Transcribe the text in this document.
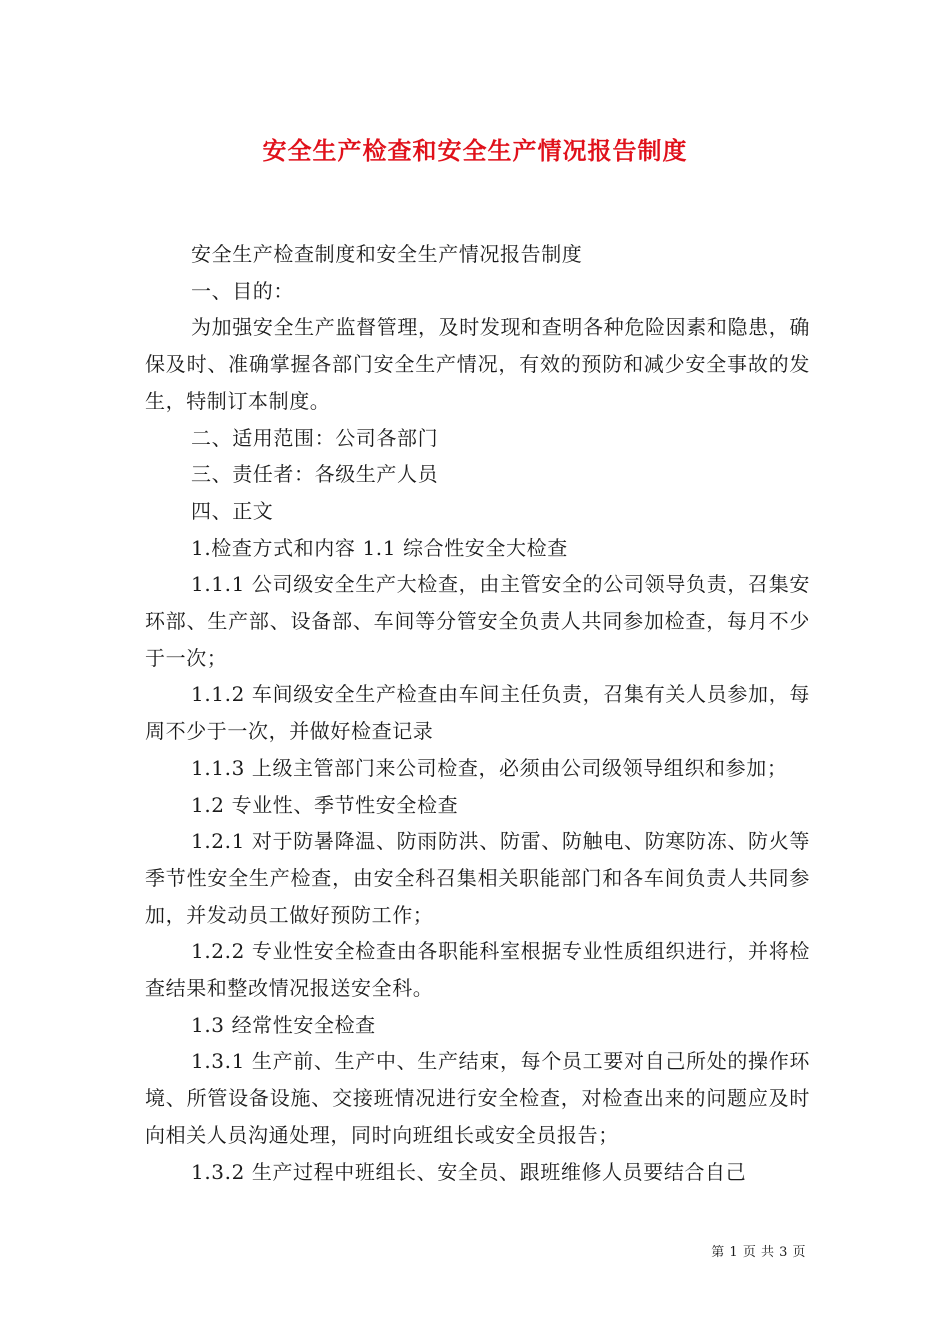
安全生产检查和安全生产情况报告制度

安全生产检查制度和安全生产情况报告制度

一、目的：

为加强安全生产监督管理，及时发现和查明各种危险因素和隐患，确保及时、准确掌握各部门安全生产情况，有效的预防和减少安全事故的发生，特制订本制度。

二、适用范围：公司各部门

三、责任者：各级生产人员

四、正文

1.检查方式和内容 1.1 综合性安全大检查

1.1.1 公司级安全生产大检查，由主管安全的公司领导负责，召集安环部、生产部、设备部、车间等分管安全负责人共同参加检查，每月不少于一次；

1.1.2 车间级安全生产检查由车间主任负责，召集有关人员参加，每周不少于一次，并做好检查记录

1.1.3 上级主管部门来公司检查，必须由公司级领导组织和参加；

1.2 专业性、季节性安全检查

1.2.1 对于防暑降温、防雨防洪、防雷、防触电、防寒防冻、防火等季节性安全生产检查，由安全科召集相关职能部门和各车间负责人共同参加，并发动员工做好预防工作；

1.2.2 专业性安全检查由各职能科室根据专业性质组织进行，并将检查结果和整改情况报送安全科。

1.3 经常性安全检查

1.3.1 生产前、生产中、生产结束，每个员工要对自己所处的操作环境、所管设备设施、交接班情况进行安全检查，对检查出来的问题应及时向相关人员沟通处理，同时向班组长或安全员报告；

1.3.2 生产过程中班组长、安全员、跟班维修人员要结合自己

第 1 页 共 3 页
